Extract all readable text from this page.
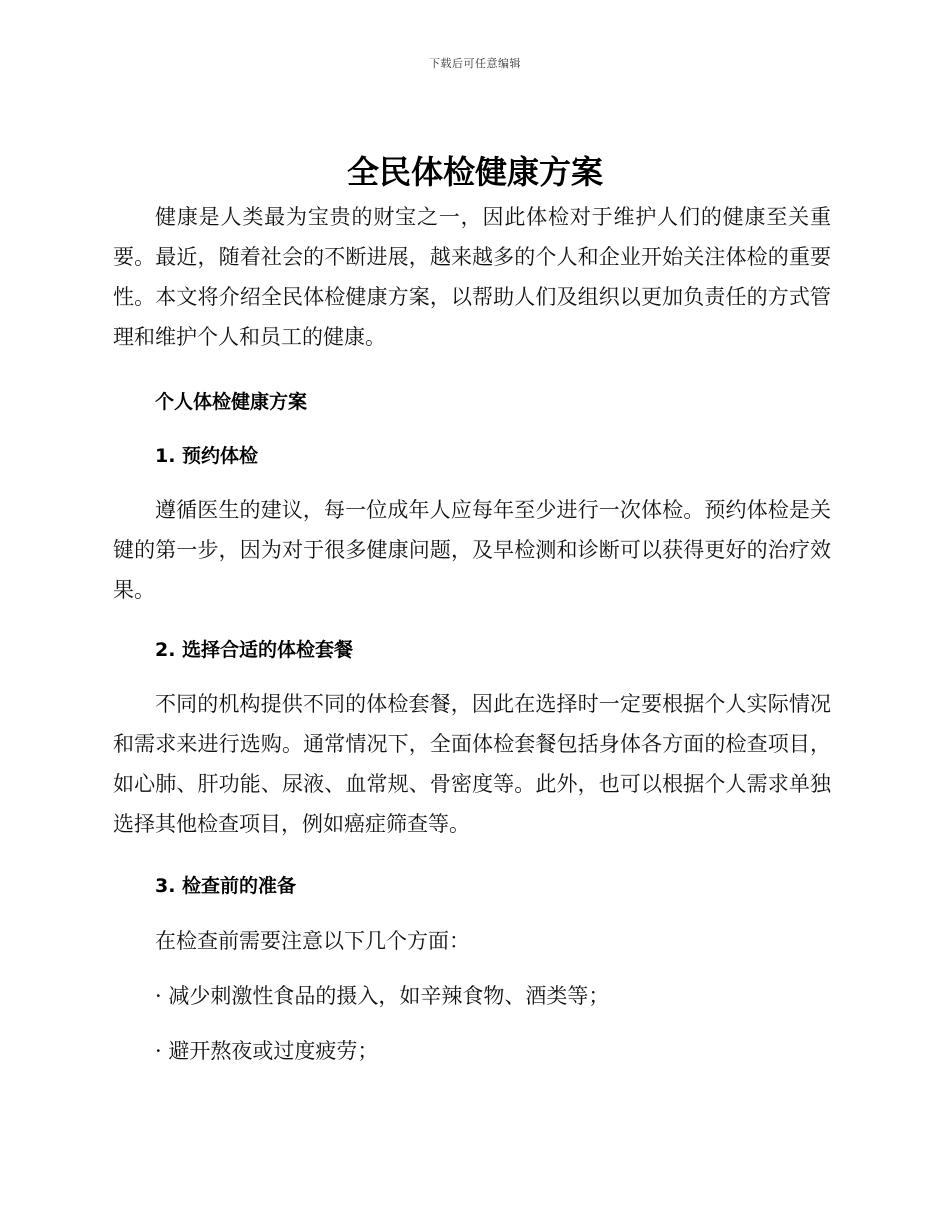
下载后可任意编辑
全民体检健康方案

健康是人类最为宝贵的财宝之一，因此体检对于维护人们的健康至关重要。最近，随着社会的不断进展，越来越多的个人和企业开始关注体检的重要性。本文将介绍全民体检健康方案，以帮助人们及组织以更加负责任的方式管理和维护个人和员工的健康。

个人体检健康方案
1. 预约体检

遵循医生的建议，每一位成年人应每年至少进行一次体检。预约体检是关键的第一步，因为对于很多健康问题，及早检测和诊断可以获得更好的治疗效果。

2. 选择合适的体检套餐

不同的机构提供不同的体检套餐，因此在选择时一定要根据个人实际情况和需求来进行选购。通常情况下，全面体检套餐包括身体各方面的检查项目，如心肺、肝功能、尿液、血常规、骨密度等。此外，也可以根据个人需求单独选择其他检查项目，例如癌症筛查等。

3. 检查前的准备
在检查前需要注意以下几个方面：
· 减少刺激性食品的摄入，如辛辣食物、酒类等；
· 避开熬夜或过度疲劳；
